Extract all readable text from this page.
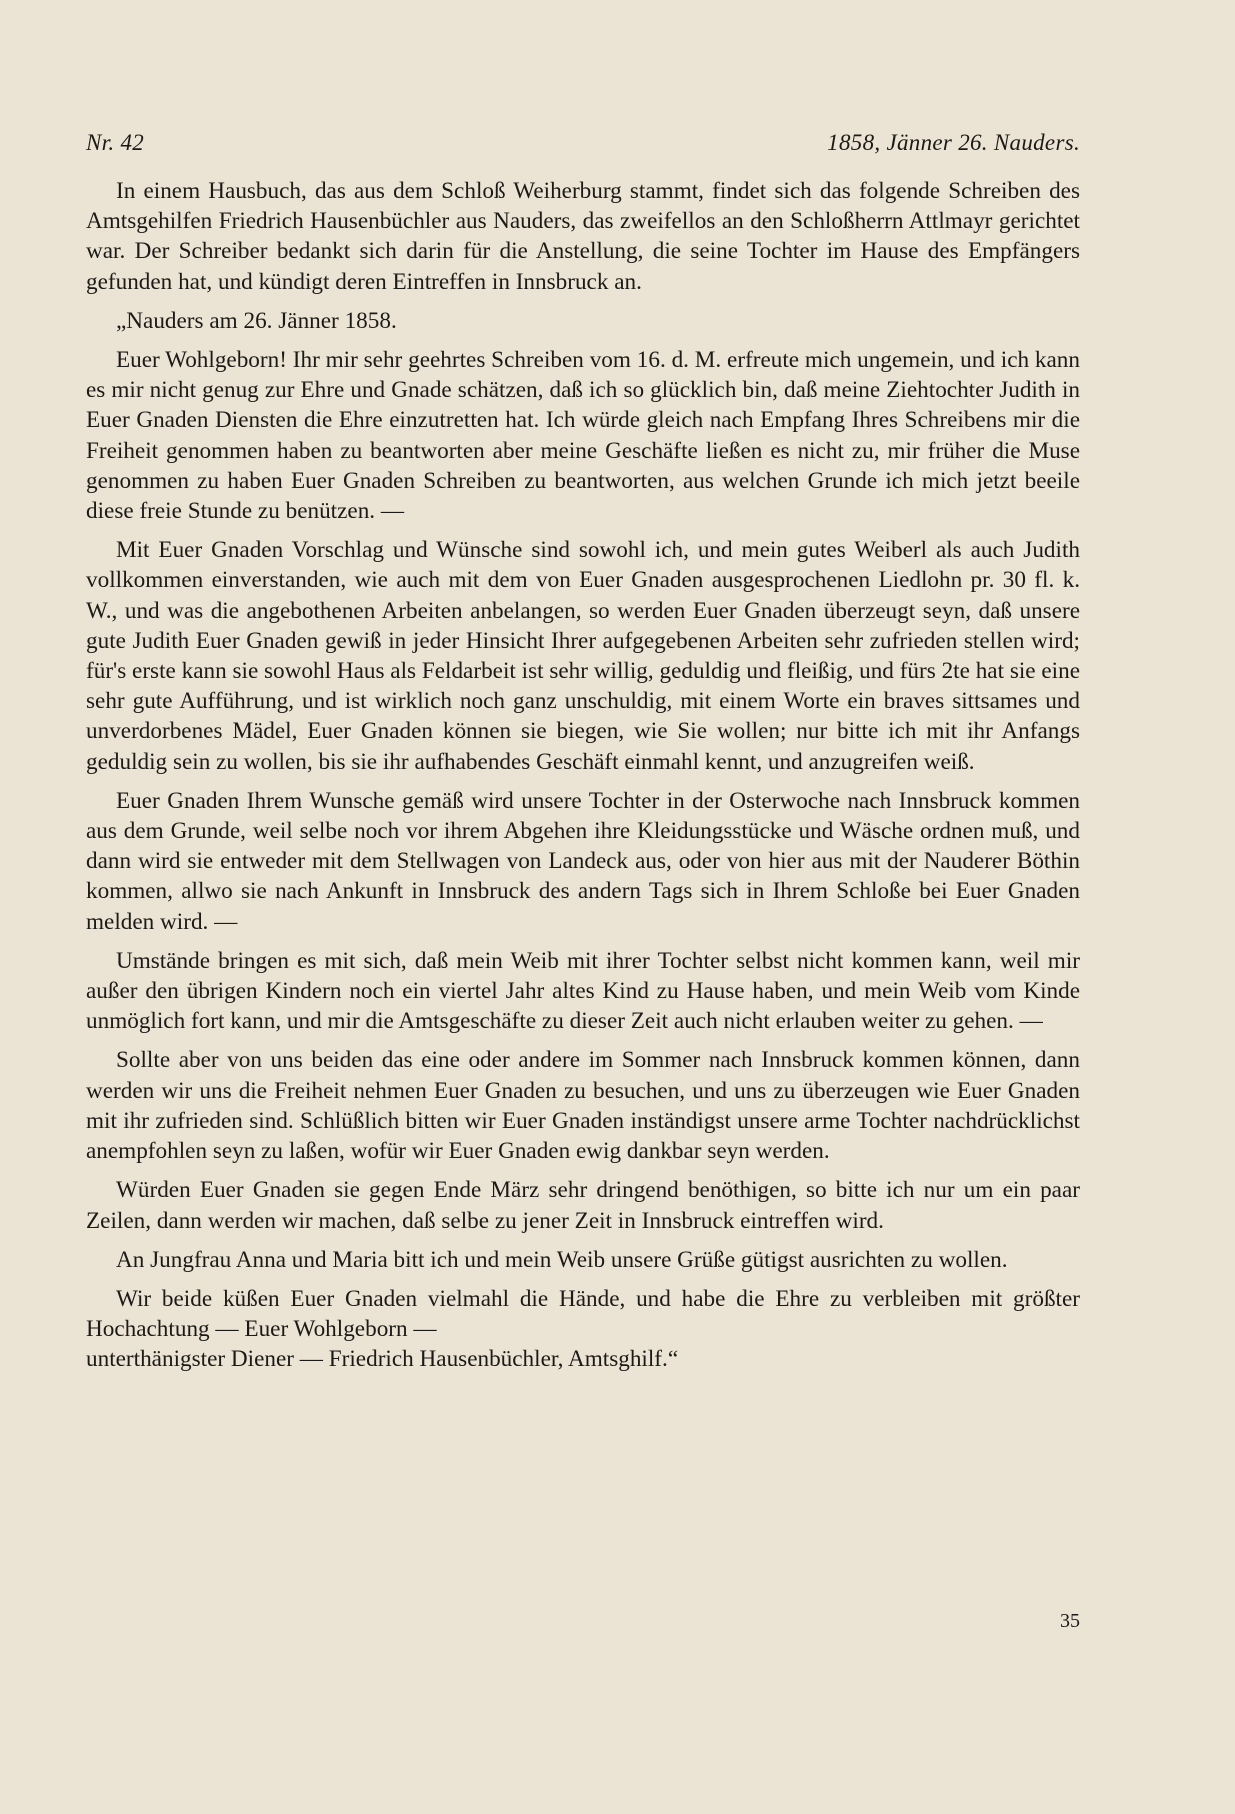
Nr. 42	1858, Jänner 26. Nauders.

In einem Hausbuch, das aus dem Schloß Weiherburg stammt, findet sich das folgende Schreiben des Amtsgehilfen Friedrich Hausenbüchler aus Nauders, das zweifellos an den Schloßherrn Attlmayr gerichtet war. Der Schreiber bedankt sich darin für die Anstellung, die seine Tochter im Hause des Empfängers gefunden hat, und kündigt deren Eintreffen in Innsbruck an.

„Nauders am 26. Jänner 1858.

Euer Wohlgeborn! Ihr mir sehr geehrtes Schreiben vom 16. d. M. erfreute mich ungemein, und ich kann es mir nicht genug zur Ehre und Gnade schätzen, daß ich so glücklich bin, daß meine Ziehtochter Judith in Euer Gnaden Diensten die Ehre einzutretten hat. Ich würde gleich nach Empfang Ihres Schreibens mir die Freiheit genommen haben zu beantworten aber meine Geschäfte ließen es nicht zu, mir früher die Muse genommen zu haben Euer Gnaden Schreiben zu beantworten, aus welchen Grunde ich mich jetzt beeile diese freie Stunde zu benützen. —

Mit Euer Gnaden Vorschlag und Wünsche sind sowohl ich, und mein gutes Weiberl als auch Judith vollkommen einverstanden, wie auch mit dem von Euer Gnaden ausgesprochenen Liedlohn pr. 30 fl. k. W., und was die angebothenen Arbeiten anbelangen, so werden Euer Gnaden überzeugt seyn, daß unsere gute Judith Euer Gnaden gewiß in jeder Hinsicht Ihrer aufgegebenen Arbeiten sehr zufrieden stellen wird; für's erste kann sie sowohl Haus als Feldarbeit ist sehr willig, geduldig und fleißig, und fürs 2te hat sie eine sehr gute Aufführung, und ist wirklich noch ganz unschuldig, mit einem Worte ein braves sittsames und unverdorbenes Mädel, Euer Gnaden können sie biegen, wie Sie wollen; nur bitte ich mit ihr Anfangs geduldig sein zu wollen, bis sie ihr aufhabendes Geschäft einmahl kennt, und anzugreifen weiß.

Euer Gnaden Ihrem Wunsche gemäß wird unsere Tochter in der Osterwoche nach Innsbruck kommen aus dem Grunde, weil selbe noch vor ihrem Abgehen ihre Kleidungsstücke und Wäsche ordnen muß, und dann wird sie entweder mit dem Stellwagen von Landeck aus, oder von hier aus mit der Nauderer Böthin kommen, allwo sie nach Ankunft in Innsbruck des andern Tags sich in Ihrem Schloße bei Euer Gnaden melden wird. —

Umstände bringen es mit sich, daß mein Weib mit ihrer Tochter selbst nicht kommen kann, weil mir außer den übrigen Kindern noch ein viertel Jahr altes Kind zu Hause haben, und mein Weib vom Kinde unmöglich fort kann, und mir die Amtsgeschäfte zu dieser Zeit auch nicht erlauben weiter zu gehen. —

Sollte aber von uns beiden das eine oder andere im Sommer nach Innsbruck kommen können, dann werden wir uns die Freiheit nehmen Euer Gnaden zu besuchen, und uns zu überzeugen wie Euer Gnaden mit ihr zufrieden sind. Schlüßlich bitten wir Euer Gnaden inständigst unsere arme Tochter nachdrücklichst anempfohlen seyn zu laßen, wofür wir Euer Gnaden ewig dankbar seyn werden.

Würden Euer Gnaden sie gegen Ende März sehr dringend benöthigen, so bitte ich nur um ein paar Zeilen, dann werden wir machen, daß selbe zu jener Zeit in Innsbruck eintreffen wird.

An Jungfrau Anna und Maria bitt ich und mein Weib unsere Grüße gütigst ausrichten zu wollen.

Wir beide küßen Euer Gnaden vielmahl die Hände, und habe die Ehre zu verbleiben mit größter Hochachtung — Euer Wohlgeborn —

unterthänigster Diener — Friedrich Hausenbüchler, Amtsghilf.“

35
